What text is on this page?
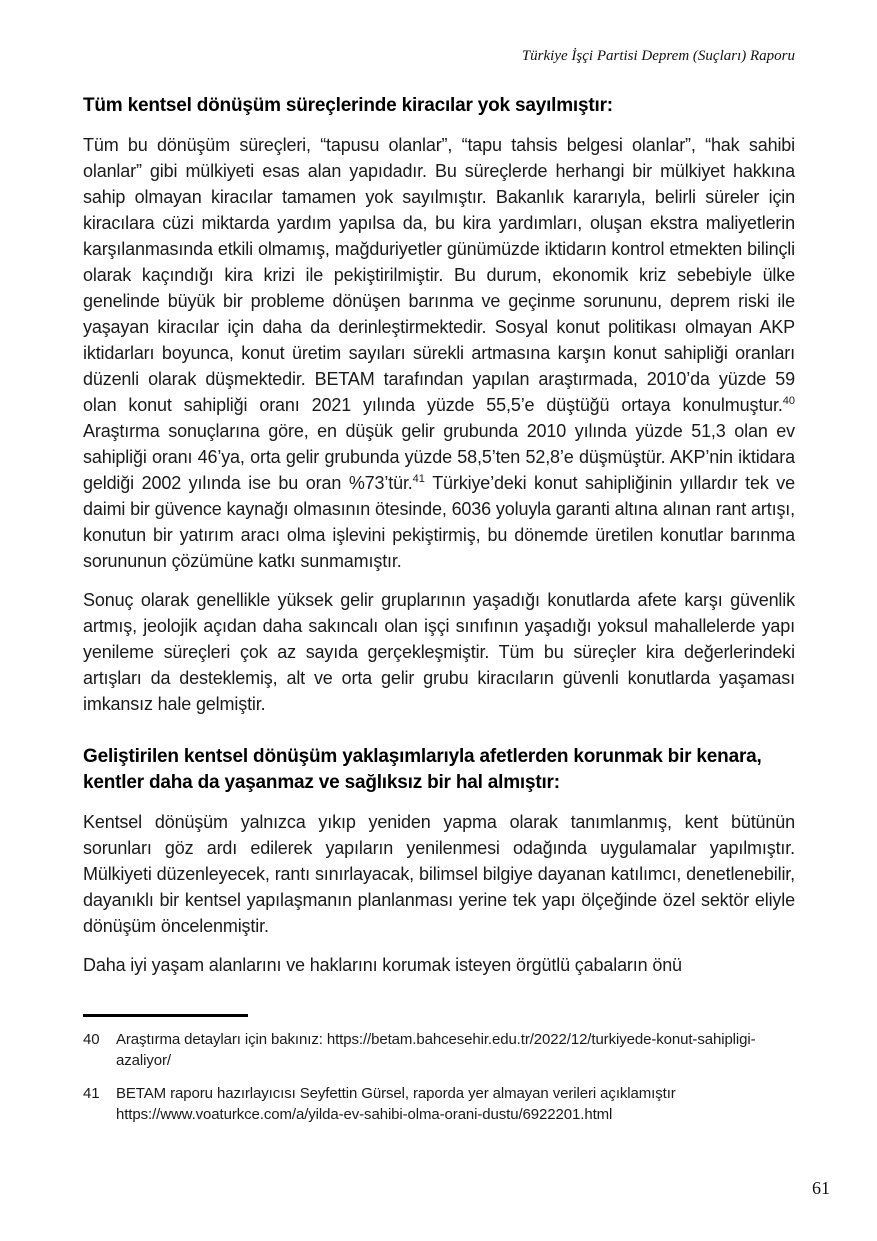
Türkiye İşçi Partisi Deprem (Suçları) Raporu
Tüm kentsel dönüşüm süreçlerinde kiracılar yok sayılmıştır:

Tüm bu dönüşüm süreçleri, “tapusu olanlar”, “tapu tahsis belgesi olanlar”, “hak sahibi olanlar” gibi mülkiyeti esas alan yapıdadır. Bu süreçlerde herhangi bir mülkiyet hakkına sahip olmayan kiracılar tamamen yok sayılmıştır. Bakanlık kararıyla, belirli süreler için kiracılara cüzi miktarda yardım yapılsa da, bu kira yardımları, oluşan ekstra maliyetlerin karşılanmasında etkili olmamış, mağduriyetler günümüzde iktidarın kontrol etmekten bilinçli olarak kaçındığı kira krizi ile pekiştirilmiştir. Bu durum, ekonomik kriz sebebiyle ülke genelinde büyük bir probleme dönüşen barınma ve geçinme sorununu, deprem riski ile yaşayan kiracılar için daha da derinleştirmektedir. Sosyal konut politikası olmayan AKP iktidarları boyunca, konut üretim sayıları sürekli artmasına karşın konut sahipliği oranları düzenli olarak düşmektedir. BETAM tarafından yapılan araştırmada, 2010’da yüzde 59 olan konut sahipliği oranı 2021 yılında yüzde 55,5’e düştüğü ortaya konulmuştur.$^{40}$ Araştırma sonuçlarına göre, en düşük gelir grubunda 2010 yılında yüzde 51,3 olan ev sahipliği oranı 46’ya, orta gelir grubunda yüzde 58,5’ten 52,8’e düşmüştür. AKP’nin iktidara geldiği 2002 yılında ise bu oran %73’tür.$^{41}$ Türkiye’deki konut sahipliğinin yıllardır tek ve daimi bir güvence kaynağı olmasının ötesinde, 6036 yoluyla garanti altına alınan rant artışı, konutun bir yatırım aracı olma işlevini pekiştirmiş, bu dönemde üretilen konutlar barınma sorununun çözümüne katkı sunmamıştır.

Sonuç olarak genellikle yüksek gelir gruplarının yaşadığı konutlarda afete karşı güvenlik artmış, jeolojik açıdan daha sakıncalı olan işçi sınıfının yaşadığı yoksul mahallelerde yapı yenileme süreçleri çok az sayıda gerçekleşmiştir. Tüm bu süreçler kira değerlerindeki artışları da desteklemiş, alt ve orta gelir grubu kiracıların güvenli konutlarda yaşaması imkansız hale gelmiştir.

Geliştirilen kentsel dönüşüm yaklaşımlarıyla afetlerden korunmak bir kenara, kentler daha da yaşanmaz ve sağlıksız bir hal almıştır:

Kentsel dönüşüm yalnızca yıkıp yeniden yapma olarak tanımlanmış, kent bütünün sorunları göz ardı edilerek yapıların yenilenmesi odağında uygulamalar yapılmıştır. Mülkiyeti düzenleyecek, rantı sınırlayacak, bilimsel bilgiye dayanan katılımcı, denetlenebilir, dayanıklı bir kentsel yapılaşmanın planlanması yerine tek yapı ölçeğinde özel sektör eliyle dönüşüm öncelenmiştir.

Daha iyi yaşam alanlarını ve haklarını korumak isteyen örgütlü çabaların önü

40	Araştırma detayları için bakınız: https://betam.bahcesehir.edu.tr/2022/12/turkiyede-konut-sahipligi-azaliyor/
41	BETAM raporu hazırlayıcısı Seyfettin Gürsel, raporda yer almayan verileri açıklamıştır https://www.voaturkce.com/a/yilda-ev-sahibi-olma-orani-dustu/6922201.html
61
